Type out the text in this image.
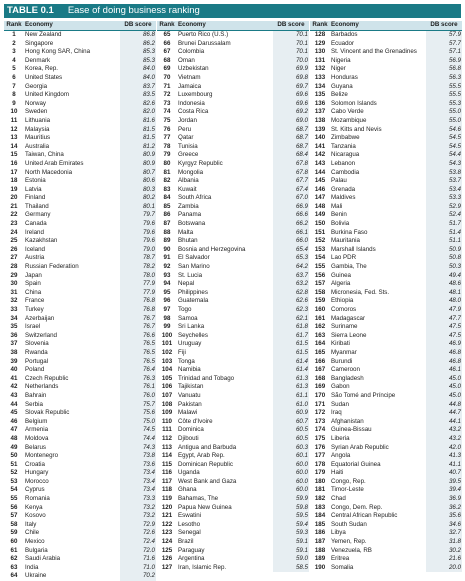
TABLE 0.1 Ease of doing business ranking
Rank	Economy	DB score
1	New Zealand	86.8
2	Singapore	86.2
3	Hong Kong SAR, China	85.3
4	Denmark	85.3
5	Korea, Rep.	84.0
6	United States	84.0
7	Georgia	83.7
8	United Kingdom	83.5
9	Norway	82.6
10	Sweden	82.0
11	Lithuania	81.6
12	Malaysia	81.5
13	Mauritius	81.5
14	Australia	81.2
15	Taiwan, China	80.9
16	United Arab Emirates	80.9
17	North Macedonia	80.7
18	Estonia	80.6
19	Latvia	80.3
20	Finland	80.2
21	Thailand	80.1
22	Germany	79.7
23	Canada	79.6
24	Ireland	79.6
25	Kazakhstan	79.6
26	Iceland	79.0
27	Austria	78.7
28	Russian Federation	78.2
29	Japan	78.0
30	Spain	77.9
31	China	77.9
32	France	76.8
33	Turkey	76.8
34	Azerbaijan	76.7
35	Israel	76.7
36	Switzerland	76.6
37	Slovenia	76.5
38	Rwanda	76.5
39	Portugal	76.5
40	Poland	76.4
41	Czech Republic	76.3
42	Netherlands	76.1
43	Bahrain	76.0
44	Serbia	75.7
45	Slovak Republic	75.6
46	Belgium	75.0
47	Armenia	74.5
48	Moldova	74.4
49	Belarus	74.3
50	Montenegro	73.8
51	Croatia	73.6
52	Hungary	73.4
53	Morocco	73.4
54	Cyprus	73.4
55	Romania	73.3
56	Kenya	73.2
57	Kosovo	73.2
58	Italy	72.9
59	Chile	72.6
60	Mexico	72.4
61	Bulgaria	72.0
62	Saudi Arabia	71.6
63	India	71.0
64	Ukraine	70.2
Rank	Economy	DB score
65	Puerto Rico (U.S.)	70.1
66	Brunei Darussalam	70.1
67	Colombia	70.1
68	Oman	70.0
69	Uzbekistan	69.9
70	Vietnam	69.8
71	Jamaica	69.7
72	Luxembourg	69.6
73	Indonesia	69.6
74	Costa Rica	69.2
75	Jordan	69.0
76	Peru	68.7
77	Qatar	68.7
78	Tunisia	68.7
79	Greece	68.4
80	Kyrgyz Republic	67.8
81	Mongolia	67.8
82	Albania	67.7
83	Kuwait	67.4
84	South Africa	67.0
85	Zambia	66.9
86	Panama	66.6
87	Botswana	66.2
88	Malta	66.1
89	Bhutan	66.0
90	Bosnia and Herzegovina	65.4
91	El Salvador	65.3
92	San Marino	64.2
93	St. Lucia	63.7
94	Nepal	63.2
95	Philippines	62.8
96	Guatemala	62.6
97	Togo	62.3
98	Samoa	62.1
99	Sri Lanka	61.8
100	Seychelles	61.7
101	Uruguay	61.5
102	Fiji	61.5
103	Tonga	61.4
104	Namibia	61.4
105	Trinidad and Tobago	61.3
106	Tajikistan	61.3
107	Vanuatu	61.1
108	Pakistan	61.0
109	Malawi	60.9
110	Côte d'Ivoire	60.7
111	Dominica	60.5
112	Djibouti	60.5
113	Antigua and Barbuda	60.3
114	Egypt, Arab Rep.	60.1
115	Dominican Republic	60.0
116	Uganda	60.0
117	West Bank and Gaza	60.0
118	Ghana	60.0
119	Bahamas, The	59.9
120	Papua New Guinea	59.8
121	Eswatini	59.5
122	Lesotho	59.4
123	Senegal	59.3
124	Brazil	59.1
125	Paraguay	59.1
126	Argentina	59.0
127	Iran, Islamic Rep.	58.5
Rank	Economy	DB score
128	Barbados	57.9
129	Ecuador	57.7
130	St. Vincent and the Grenadines	57.1
131	Nigeria	56.9
132	Niger	56.8
133	Honduras	56.3
134	Guyana	55.5
135	Belize	55.5
136	Solomon Islands	55.3
137	Cabo Verde	55.0
138	Mozambique	55.0
139	St. Kitts and Nevis	54.6
140	Zimbabwe	54.5
141	Tanzania	54.5
142	Nicaragua	54.4
143	Lebanon	54.3
144	Cambodia	53.8
145	Palau	53.7
146	Grenada	53.4
147	Maldives	53.3
148	Mali	52.9
149	Benin	52.4
150	Bolivia	51.7
151	Burkina Faso	51.4
152	Mauritania	51.1
153	Marshall Islands	50.9
154	Lao PDR	50.8
155	Gambia, The	50.3
156	Guinea	49.4
157	Algeria	48.6
158	Micronesia, Fed. Sts.	48.1
159	Ethiopia	48.0
160	Comoros	47.9
161	Madagascar	47.7
162	Suriname	47.5
163	Sierra Leone	47.5
164	Kiribati	46.9
165	Myanmar	46.8
166	Burundi	46.8
167	Cameroon	46.1
168	Bangladesh	45.0
169	Gabon	45.0
170	São Tomé and Príncipe	45.0
171	Sudan	44.8
172	Iraq	44.7
173	Afghanistan	44.1
174	Guinea-Bissau	43.2
175	Liberia	43.2
176	Syrian Arab Republic	42.0
177	Angola	41.3
178	Equatorial Guinea	41.1
179	Haiti	40.7
180	Congo, Rep.	39.5
181	Timor-Leste	39.4
182	Chad	36.9
183	Congo, Dem. Rep.	36.2
184	Central African Republic	35.6
185	South Sudan	34.6
186	Libya	32.7
187	Yemen, Rep.	31.8
188	Venezuela, RB	30.2
189	Eritrea	21.6
190	Somalia	20.0
